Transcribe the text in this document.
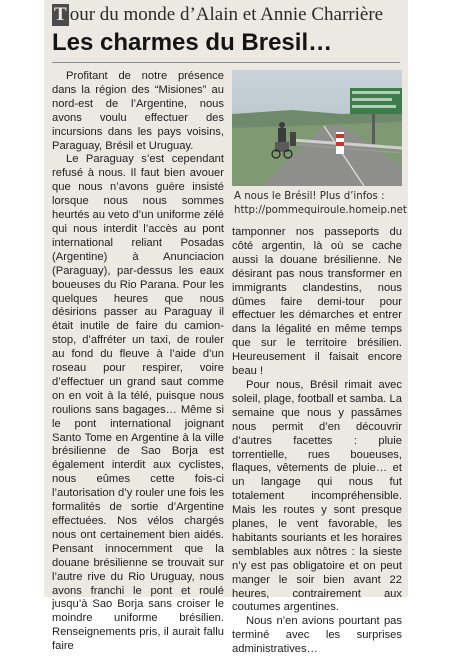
T our du monde d’Alain et Annie Charrière
Les charmes du Bresil…

Profitant de notre présence dans la région des “Misiones” au nord-est de l’Argentine, nous avons voulu effectuer des incursions dans les pays voisins, Paraguay, Brésil et Uruguay.

Le Paraguay s’est cependant refusé à nous. Il faut bien avouer que nous n’avons guère insisté lorsque nous nous sommes heurtés au veto d’un uniforme zélé qui nous interdit l’accès au pont international reliant Posadas (Argentine) à Anunciacion (Paraguay), par-dessus les eaux boueuses du Rio Parana. Pour les quelques heures que nous désirions passer au Paraguay il était inutile de faire du camion-stop, d’affréter un taxi, de rouler au fond du fleuve à l’aide d’un roseau pour respirer, voire d’effectuer un grand saut comme on en voit à la télé, puisque nous roulions sans bagages… Même si le pont international joignant Santo Tome en Argentine à la ville brésilienne de Sao Borja est également interdit aux cyclistes, nous eûmes cette fois-ci l’autorisation d’y rouler une fois les formalités de sortie d’Argentine effectuées. Nos vélos chargés nous ont certainement bien aidés. Pensant innocemment que la douane brésilienne se trouvait sur l’autre rive du Rio Uruguay, nous avons franchi le pont et roulé jusqu’à Sao Borja sans croiser le moindre uniforme brésilien. Renseignements pris, il aurait fallu faire

A nous le Brésil! Plus d’infos :
http://pommequiroule.homeip.net

tamponner nos passeports du côté argentin, là où se cache aussi la douane brésilienne. Ne désirant pas nous transformer en immigrants clandestins, nous dûmes faire demi-tour pour effectuer les démarches et entrer dans la légalité en même temps que sur le territoire brésilien. Heureusement il faisait encore beau !

Pour nous, Brésil rimait avec soleil, plage, football et samba. La semaine que nous y passâmes nous permit d’en découvrir d’autres facettes : pluie torrentielle, rues boueuses, flaques, vêtements de pluie… et un langage qui nous fut totalement incompréhensible. Mais les routes y sont presque planes, le vent favorable, les habitants souriants et les horaires semblables aux nôtres : la sieste n’y est pas obligatoire et on peut manger le soir bien avant 22 heures, contrairement aux coutumes argentines.

Nous n’en avions pourtant pas terminé avec les surprises administratives…
